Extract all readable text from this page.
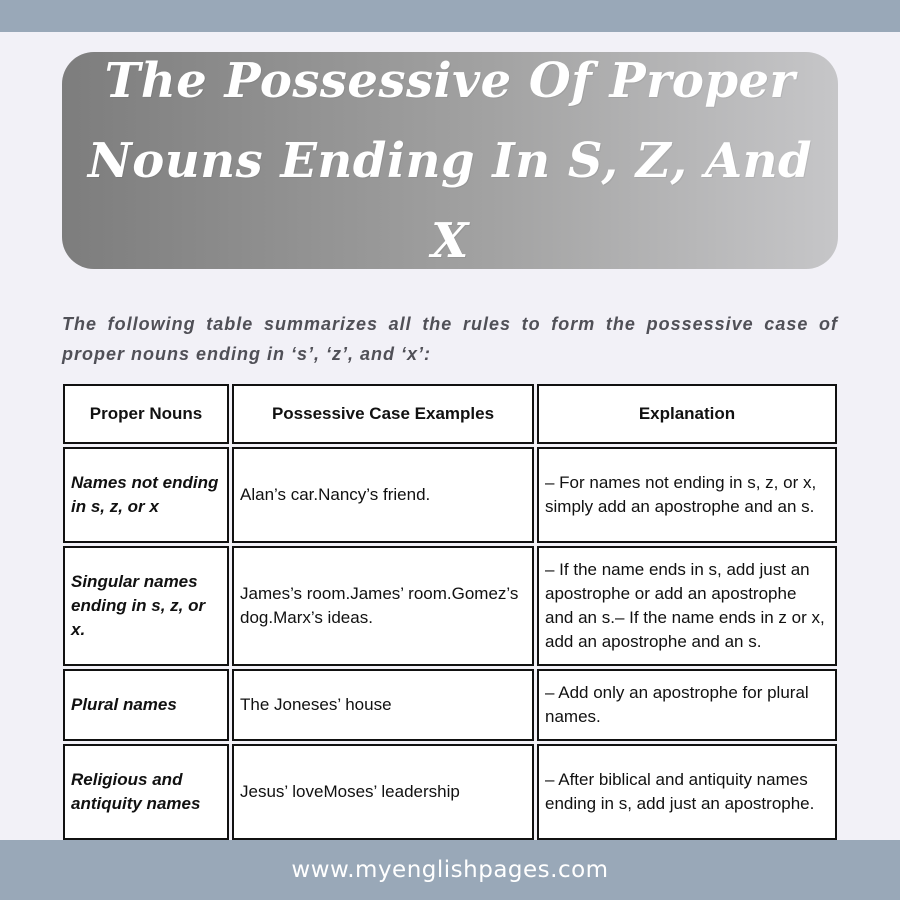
The Possessive Of Proper
Nouns Ending In S, Z, And X

The following table summarizes all the rules to form the possessive case of proper nouns ending in ‘s’, ‘z’, and ‘x’:

Proper Nouns	Possessive Case Examples	Explanation
Names not ending in s, z, or x	Alan’s car.Nancy’s friend.	– For names not ending in s, z, or x, simply add an apostrophe and an s.
Singular names ending in s, z, or x.	James’s room.James’ room.Gomez’s dog.Marx’s ideas.	– If the name ends in s, add just an apostrophe or add an apostrophe and an s.– If the name ends in z or x, add an apostrophe and an s.
Plural names	The Joneses’ house	– Add only an apostrophe for plural names.
Religious and antiquity names	Jesus’ loveMoses’ leadership	– After biblical and antiquity names ending in s, add just an apostrophe.
www.myenglishpages.com
